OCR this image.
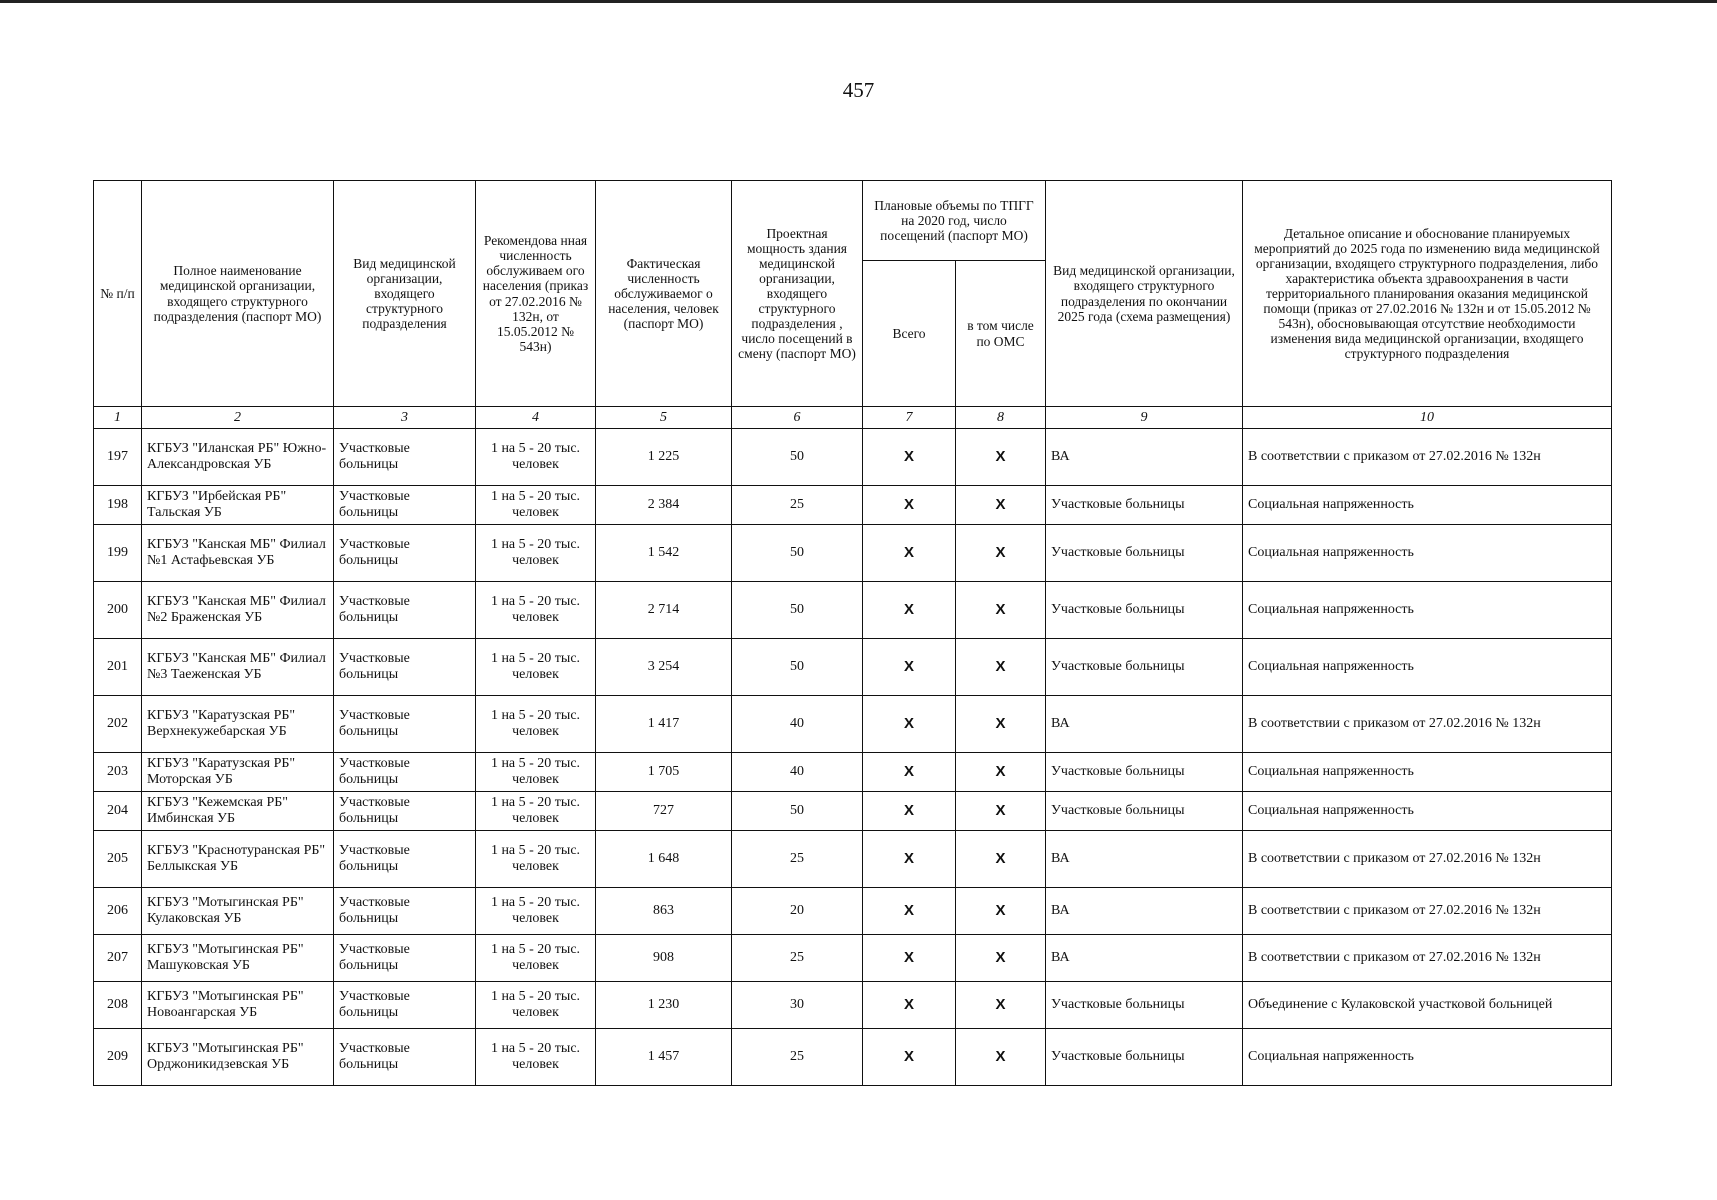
457
№ п/п	Полное наименование медицинской организации, входящего структурного подразделения (паспорт МО)	Вид медицинской организации, входящего структурного подразделения	Рекомендова нная численность обслуживаем ого населения (приказ от 27.02.2016 № 132н, от 15.05.2012 № 543н)	Фактическая численность обслуживаемог о населения, человек (паспорт МО)	Проектная мощность здания медицинской организации, входящего структурного подразделения , число посещений в смену (паспорт МО)	Плановые объемы по ТПГГ на 2020 год, число посещений (паспорт МО)		Вид медицинской организации, входящего структурного подразделения по окончании 2025 года (схема размещения)	Детальное описание и обоснование планируемых мероприятий до 2025 года по изменению вида медицинской организации, входящего структурного подразделения, либо характеристика объекта здравоохранения в части территориального планирования оказания медицинской помощи (приказ от 27.02.2016 № 132н и от 15.05.2012 № 543н), обосновывающая отсутствие необходимости изменения вида медицинской организации, входящего структурного подразделения
						Всего	в том числе по ОМС		
1	2	3	4	5	6	7	8	9	10
197	КГБУЗ "Иланская РБ" Южно-Александровская УБ	Участковые больницы	1 на 5 - 20 тыс. человек	1 225	50	X	X	ВА	В соответствии с приказом от 27.02.2016 № 132н
198	КГБУЗ "Ирбейская РБ" Тальская УБ	Участковые больницы	1 на 5 - 20 тыс. человек	2 384	25	X	X	Участковые больницы	Социальная напряженность
199	КГБУЗ "Канская МБ" Филиал №1 Астафьевская УБ	Участковые больницы	1 на 5 - 20 тыс. человек	1 542	50	X	X	Участковые больницы	Социальная напряженность
200	КГБУЗ "Канская МБ" Филиал №2 Браженская УБ	Участковые больницы	1 на 5 - 20 тыс. человек	2 714	50	X	X	Участковые больницы	Социальная напряженность
201	КГБУЗ "Канская МБ" Филиал №3 Таеженская УБ	Участковые больницы	1 на 5 - 20 тыс. человек	3 254	50	X	X	Участковые больницы	Социальная напряженность
202	КГБУЗ "Каратузская РБ" Верхнекужебарская УБ	Участковые больницы	1 на 5 - 20 тыс. человек	1 417	40	X	X	ВА	В соответствии с приказом от 27.02.2016 № 132н
203	КГБУЗ "Каратузская РБ" Моторская УБ	Участковые больницы	1 на 5 - 20 тыс. человек	1 705	40	X	X	Участковые больницы	Социальная напряженность
204	КГБУЗ "Кежемская РБ" Имбинская УБ	Участковые больницы	1 на 5 - 20 тыс. человек	727	50	X	X	Участковые больницы	Социальная напряженность
205	КГБУЗ "Краснотуранская РБ" Беллыкская УБ	Участковые больницы	1 на 5 - 20 тыс. человек	1 648	25	X	X	ВА	В соответствии с приказом от 27.02.2016 № 132н
206	КГБУЗ "Мотыгинская РБ" Кулаковская УБ	Участковые больницы	1 на 5 - 20 тыс. человек	863	20	X	X	ВА	В соответствии с приказом от 27.02.2016 № 132н
207	КГБУЗ "Мотыгинская РБ" Машуковская УБ	Участковые больницы	1 на 5 - 20 тыс. человек	908	25	X	X	ВА	В соответствии с приказом от 27.02.2016 № 132н
208	КГБУЗ "Мотыгинская РБ" Новоангарская УБ	Участковые больницы	1 на 5 - 20 тыс. человек	1 230	30	X	X	Участковые больницы	Объединение с Кулаковской участковой больницей
209	КГБУЗ "Мотыгинская РБ" Орджоникидзевская УБ	Участковые больницы	1 на 5 - 20 тыс. человек	1 457	25	X	X	Участковые больницы	Социальная напряженность
